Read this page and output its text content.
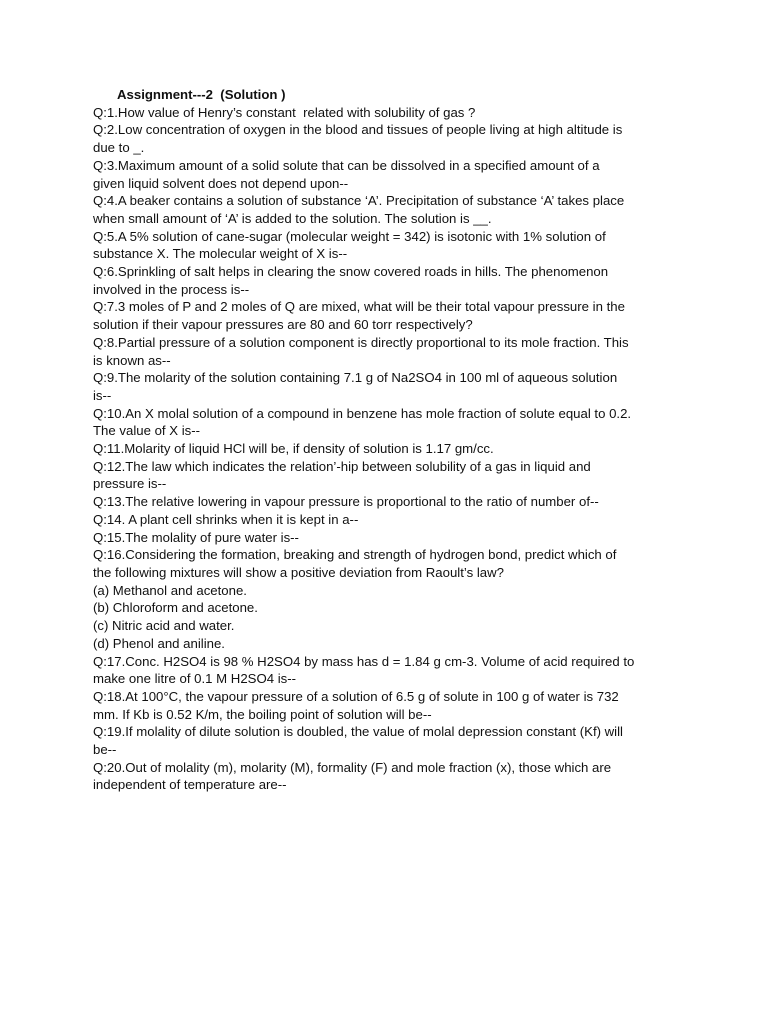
Assignment---2  (Solution )
Q:1.How value of Henry’s constant  related with solubility of gas ?
Q:2.Low concentration of oxygen in the blood and tissues of people living at high altitude is
due to _.
Q:3.Maximum amount of a solid solute that can be dissolved in a specified amount of a
given liquid solvent does not depend upon--
Q:4.A beaker contains a solution of substance ‘A’. Precipitation of substance ‘A’ takes place
when small amount of ‘A’ is added to the solution. The solution is __.
Q:5.A 5% solution of cane-sugar (molecular weight = 342) is isotonic with 1% solution of
substance X. The molecular weight of X is--
Q:6.Sprinkling of salt helps in clearing the snow covered roads in hills. The phenomenon
involved in the process is--
Q:7.3 moles of P and 2 moles of Q are mixed, what will be their total vapour pressure in the
solution if their vapour pressures are 80 and 60 torr respectively?
Q:8.Partial pressure of a solution component is directly proportional to its mole fraction. This
is known as--
Q:9.The molarity of the solution containing 7.1 g of Na2SO4 in 100 ml of aqueous solution
is--
Q:10.An X molal solution of a compound in benzene has mole fraction of solute equal to 0.2.
The value of X is--
Q:11.Molarity of liquid HCl will be, if density of solution is 1.17 gm/cc.
Q:12.The law which indicates the relation’-hip between solubility of a gas in liquid and
pressure is--
Q:13.The relative lowering in vapour pressure is proportional to the ratio of number of--
Q:14. A plant cell shrinks when it is kept in a--
Q:15.The molality of pure water is--
Q:16.Considering the formation, breaking and strength of hydrogen bond, predict which of
the following mixtures will show a positive deviation from Raoult’s law?
(a) Methanol and acetone.
(b) Chloroform and acetone.
(c) Nitric acid and water.
(d) Phenol and aniline.
Q:17.Conc. H2SO4 is 98 % H2SO4 by mass has d = 1.84 g cm-3. Volume of acid required to
make one litre of 0.1 M H2SO4 is--
Q:18.At 100°C, the vapour pressure of a solution of 6.5 g of solute in 100 g of water is 732
mm. If Kb is 0.52 K/m, the boiling point of solution will be--
Q:19.If molality of dilute solution is doubled, the value of molal depression constant (Kf) will
be--
Q:20.Out of molality (m), molarity (M), formality (F) and mole fraction (x), those which are
independent of temperature are--
